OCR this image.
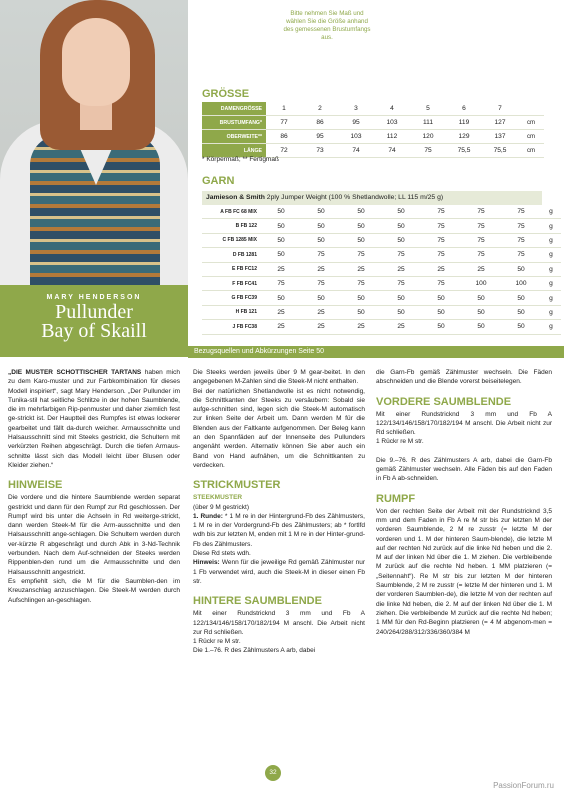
MARY HENDERSON
Pullunder
Bay of Skaill
Bitte nehmen Sie Maß und wählen Sie die Größe anhand des gemessenen Brustumfangs aus.
GRÖSSE
DAMENGRÖSSE	1	2	3	4	5	6	7	
BRUSTUMFANG*	77	86	95	103	111	119	127	cm
OBERWEITE**	86	95	103	112	120	129	137	cm
LÄNGE	72	73	74	74	75	75,5	75,5	cm
* Körpermaß; ** Fertigmaß
GARN
Jamieson & Smith 2ply Jumper Weight (100 % Shetlandwolle; LL 115 m/25 g)
A FB FC 68 MIX	50	50	50	50	75	75	75	g
B FB 122	50	50	50	50	75	75	75	g
C FB 1285 MIX	50	50	50	50	75	75	75	g
D FB 1281	50	75	75	75	75	75	75	g
E FB FC12	25	25	25	25	25	25	50	g
F FB FC41	75	75	75	75	75	100	100	g
G FB FC39	50	50	50	50	50	50	50	g
H FB 121	25	25	50	50	50	50	50	g
J FB FC38	25	25	25	25	50	50	50	g
Bezugsquellen und Abkürzungen Seite 50

„DIE MUSTER SCHOTTISCHER TARTANS haben mich zu dem Karo-muster und zur Farbkombination für dieses Modell inspiriert“, sagt Mary Henderson. „Der Pullunder im Tunika-stil hat seitliche Schlitze in der hohen Saumblende, die im mehrfarbigen Rip-penmuster und daher ziemlich fest ge-strickt ist. Der Hauptteil des Rumpfes ist etwas lockerer gearbeitet und fällt da-durch weicher. Armausschnitte und Halsausschnitt sind mit Steeks gestrickt, die Schultern mit verkürzten Reihen abgeschrägt. Durch die tiefen Armaus-schnitte lässt sich das Modell leicht über Blusen oder Kleider ziehen.“

HINWEISE

Die vordere und die hintere Saumblende werden separat gestrickt und dann für den Rumpf zur Rd geschlossen. Der Rumpf wird bis unter die Achseln in Rd weiterge-strickt, dann werden Steek-M für die Arm-ausschnitte und den Halsausschnitt ange-schlagen. Die Schultern werden durch ver-kürzte R abgeschrägt und durch Abk in 3-Nd-Technik verbunden. Nach dem Auf-schneiden der Steeks werden Rippenblen-den rund um die Armausschnitte und den Halsausschnitt angestrickt.

Es empfiehlt sich, die M für die Saumblen-den im Kreuzanschlag anzuschlagen. Die Steek-M werden durch Aufschlingen an-geschlagen.

Die Steeks werden jeweils über 9 M gear-beitet. In den angegebenen M-Zahlen sind die Steek-M nicht enthalten.

Bei der natürlichen Shetlandwolle ist es nicht notwendig, die Schnittkanten der Steeks zu versäubern: Sobald sie aufge-schnitten sind, legen sich die Steek-M automatisch zur linken Seite der Arbeit um. Dann werden M für die Blenden aus der Faltkante aufgenommen. Der Beleg kann an den Spannfäden auf der Innenseite des Pullunders angenäht werden. Alternativ können Sie aber auch ein Band von Hand aufnähen, um die Schnittkanten zu verdecken.

STRICKMUSTER
STEEKMUSTER

(über 9 M gestrickt)

1. Runde: * 1 M re in der Hintergrund-Fb des Zählmusters, 1 M re in der Vordergrund-Fb des Zählmusters; ab * fortlfd wdh bis zur letzten M, enden mit 1 M re in der Hinter-grund-Fb des Zählmusters.

Diese Rd stets wdh.

Hinweis: Wenn für die jeweilige Rd gemäß Zählmuster nur 1 Fb verwendet wird, auch die Steek-M in dieser einen Fb str.

HINTERE SAUMBLENDE

Mit einer Rundstricknd 3 mm und Fb A 122/134/146/158/170/182/194 M anschl. Die Arbeit nicht zur Rd schließen.

1 Rückr re M str.

Die 1.–76. R des Zählmusters A arb, dabei

die Garn-Fb gemäß Zählmuster wechseln. Die Fäden abschneiden und die Blende vorerst beiseitelegen.

VORDERE SAUMBLENDE

Mit einer Rundstricknd 3 mm und Fb A 122/134/146/158/170/182/194 M anschl. Die Arbeit nicht zur Rd schließen.

1 Rückr re M str.

Die 9.–76. R des Zählmusters A arb, dabei die Garn-Fb gemäß Zählmuster wechseln. Alle Fäden bis auf den Faden in Fb A ab-schneiden.

RUMPF

Von der rechten Seite der Arbeit mit der Rundstricknd 3,5 mm und dem Faden in Fb A re M str bis zur letzten M der vorderen Saumblende, 2 M re zusstr (= letzte M der vorderen und 1. M der hinteren Saum-blende), die letzte M auf der rechten Nd zurück auf die linke Nd heben und die 2. M auf der linken Nd über die 1. M ziehen. Die verbleibende M zurück auf die rechte Nd heben. 1 MM platzieren (= „Seitennaht“). Re M str bis zur letzten M der hinteren Saumblende, 2 M re zusstr (= letzte M der hinteren und 1. M der vorderen Saumblen-de), die letzte M von der rechten auf die linke Nd heben, die 2. M auf der linken Nd über die 1. M ziehen. Die verbleibende M zurück auf die rechte Nd heben; 1 MM für den Rd-Beginn platzieren (= 4 M abgenom-men = 240/264/288/312/336/360/384 M

32
PassionForum.ru
